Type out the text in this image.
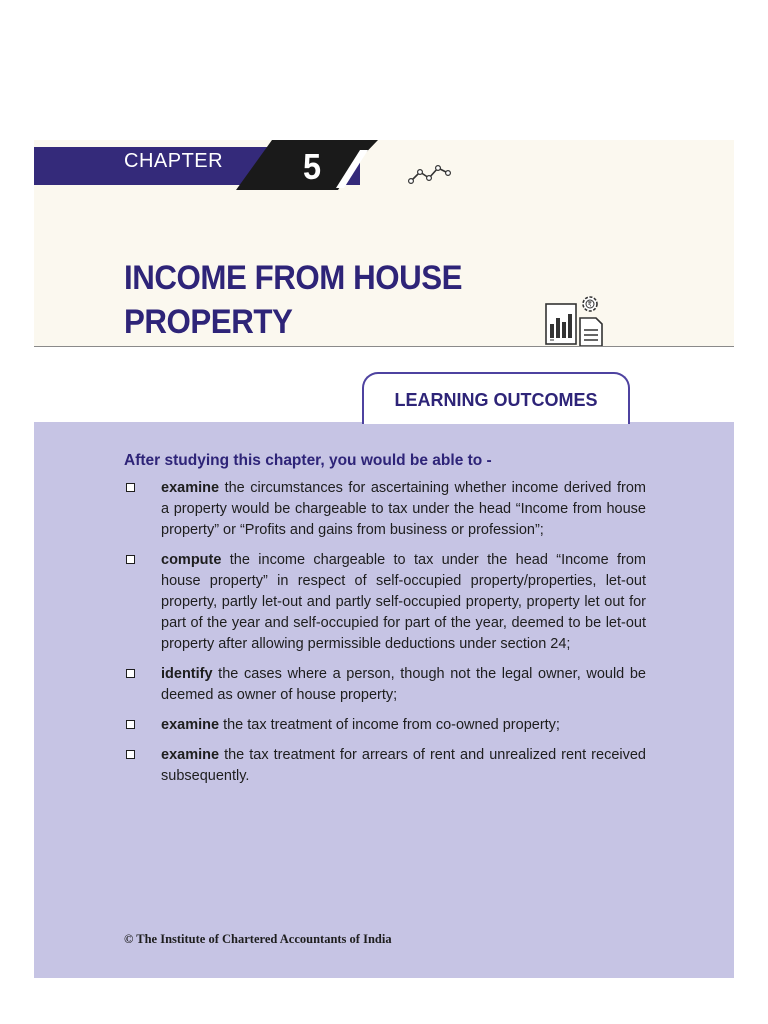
CHAPTER 5
INCOME FROM HOUSE
PROPERTY	₹
LEARNING OUTCOMES
After studying this chapter, you would be able to -
examine the circumstances for ascertaining whether income derived from a property would be chargeable to tax under the head “Income from house property” or “Profits and gains from business or profession”;
compute the income chargeable to tax under the head “Income from house property” in respect of self-occupied property/properties, let-out property, partly let-out and partly self-occupied property, property let out for part of the year and self-occupied for part of the year, deemed to be let-out property after allowing permissible deductions under section 24;
identify the cases where a person, though not the legal owner, would be deemed as owner of house property;
examine the tax treatment of income from co-owned property;
examine the tax treatment for arrears of rent and unrealized rent received subsequently.
© The Institute of Chartered Accountants of India
